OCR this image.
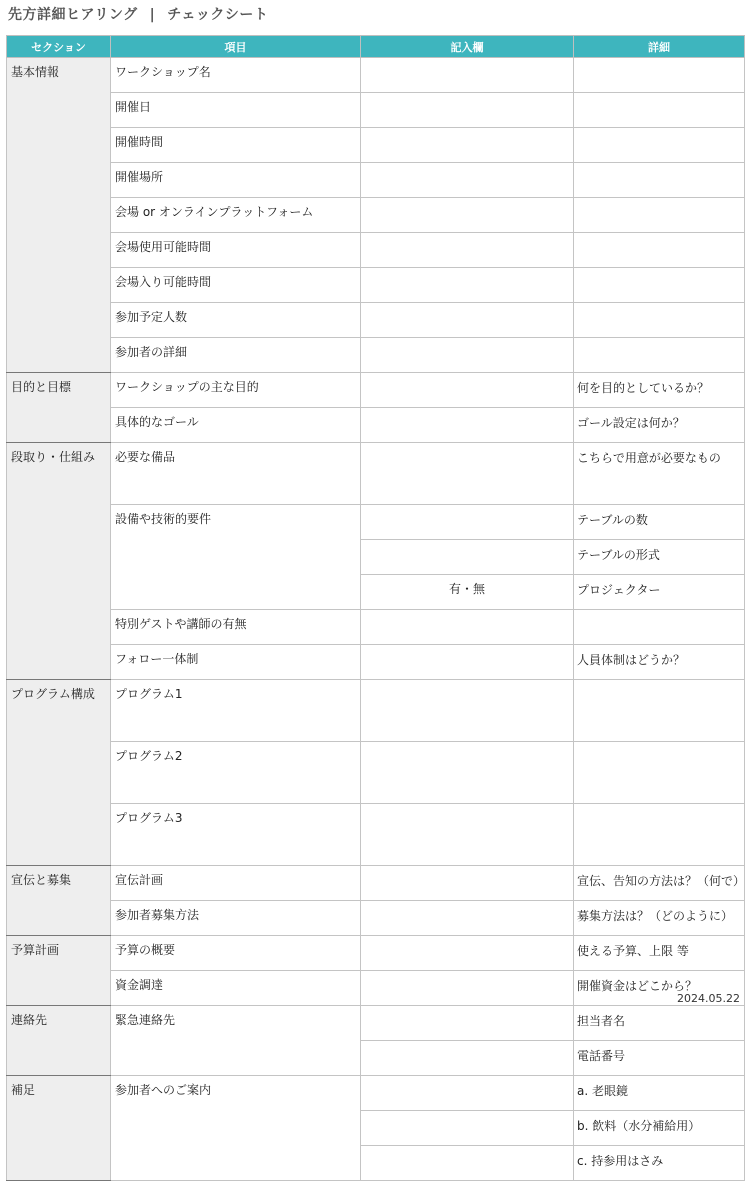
先方詳細ヒアリング | チェックシート
セクション	項目	記入欄	詳細
基本情報	ワークショップ名		
	開催日		
	開催時間		
	開催場所		
	会場 or オンラインプラットフォーム		
	会場使用可能時間		
	会場入り可能時間		
	参加予定人数		
	参加者の詳細		
目的と目標	ワークショップの主な目的		何を目的としているか？
	具体的なゴール		ゴール設定は何か？
段取り・仕組み	必要な備品		こちらで用意が必要なもの
	設備や技術的要件		テーブルの数
			テーブルの形式
		有・無	プロジェクター
	特別ゲストや講師の有無		
	フォロー一体制		人員体制はどうか？
プログラム構成	プログラム1		
	プログラム2		
	プログラム3		
宣伝と募集	宣伝計画		宣伝、告知の方法は？（何で）
	参加者募集方法		募集方法は？（どのように）
予算計画	予算の概要		使える予算、上限 等
	資金調達		開催資金はどこから？
連絡先	緊急連絡先		担当者名
			電話番号
補足	参加者へのご案内		a. 老眼鏡
			b. 飲料（水分補給用）
			c. 持参用はさみ
2024.05.22
